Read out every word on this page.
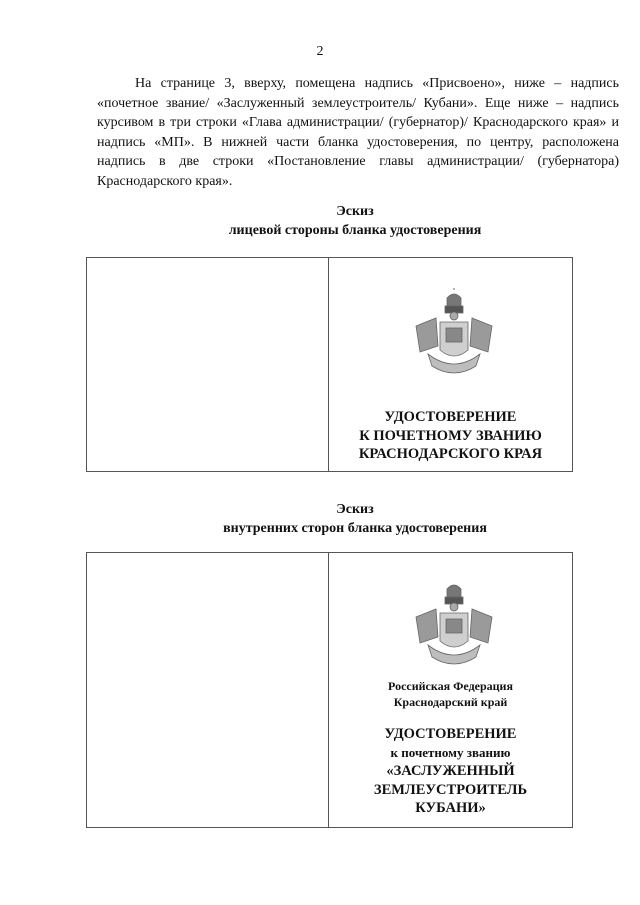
2

На странице 3, вверху, помещена надпись «Присвоено», ниже – надпись «почетное звание/ «Заслуженный землеустроитель/ Кубани». Еще ниже – надпись курсивом в три строки «Глава администрации/ (губернатор)/ Краснодарского края» и надпись «МП». В нижней части бланка удостоверения, по центру, расположена надпись в две строки «Постановление главы администрации/ (губернатора) Краснодарского края».

Эскиз
лицевой стороны бланка удостоверения
УДОСТОВЕРЕНИЕ
К ПОЧЕТНОМУ ЗВАНИЮ
КРАСНОДАРСКОГО КРАЯ
Эскиз
внутренних сторон бланка удостоверения
Российская Федерация
Краснодарский край
УДОСТОВЕРЕНИЕ
к почетному званию
«ЗАСЛУЖЕННЫЙ
ЗЕМЛЕУСТРОИТЕЛЬ
КУБАНИ»
